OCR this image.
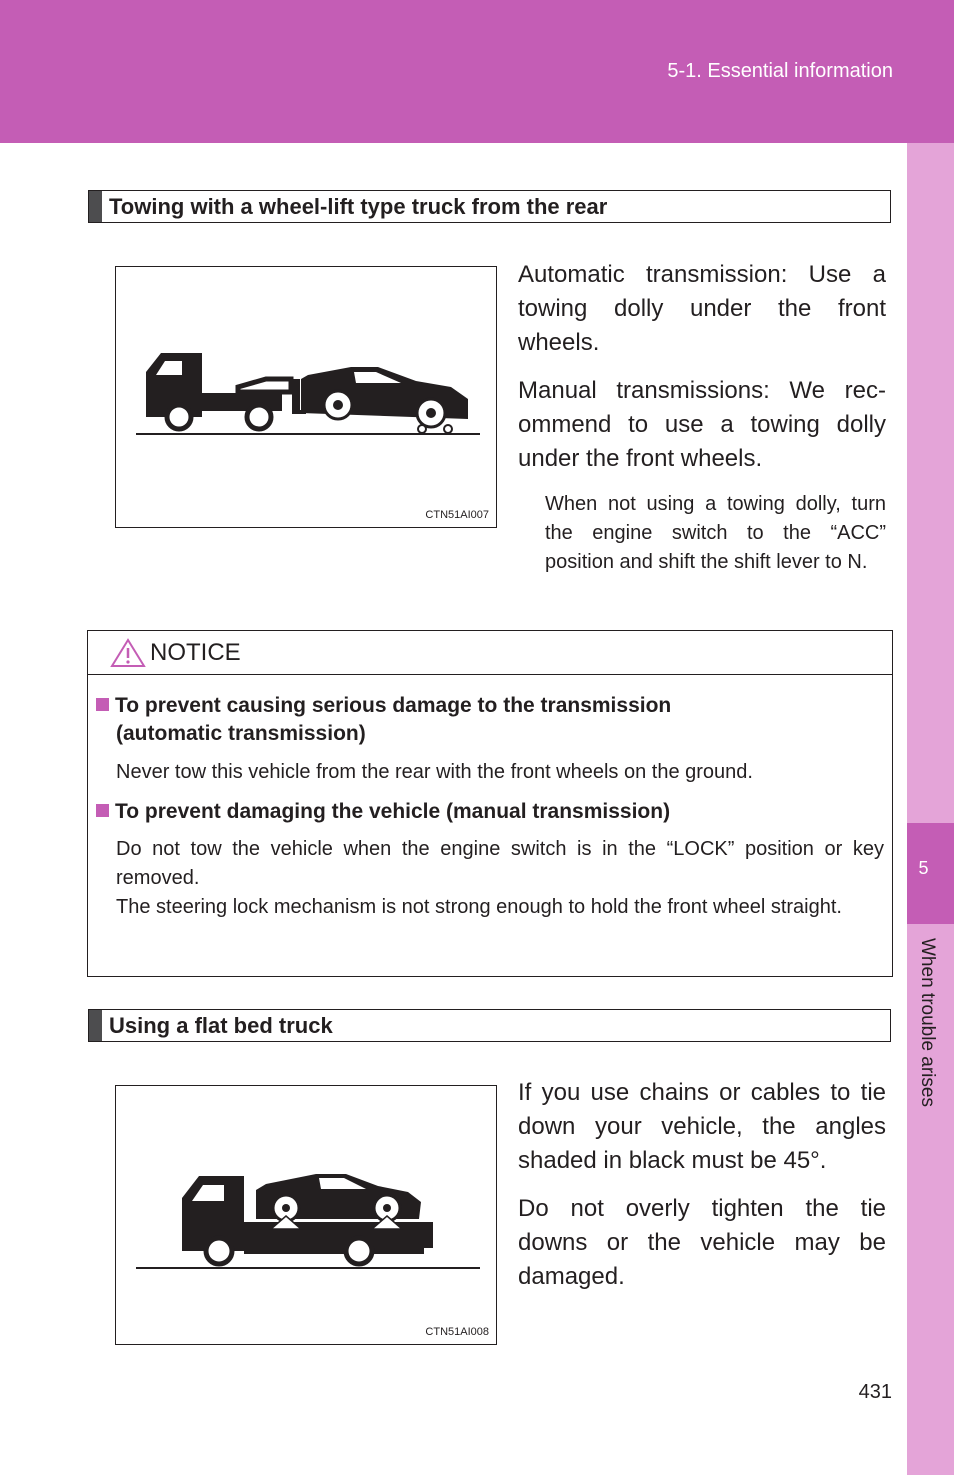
5-1. Essential information
5
When trouble arises
Towing with a wheel-lift type truck from the rear
CTN51AI007

Automatic transmission: Use a towing dolly under the front wheels.

Manual transmissions: We rec-ommend to use a towing dolly under the front wheels.

When not using a towing dolly, turn the engine switch to the “ACC” position and shift the shift lever to N.
NOTICE
To prevent causing serious damage to the transmission
(automatic transmission)
Never tow this vehicle from the rear with the front wheels on the ground.
To prevent damaging the vehicle (manual transmission)
Do not tow the vehicle when the engine switch is in the “LOCK” position or key removed.
The steering lock mechanism is not strong enough to hold the front wheel straight.
Using a flat bed truck
CTN51AI008

If you use chains or cables to tie down your vehicle, the angles shaded in black must be 45°.

Do not overly tighten the tie downs or the vehicle may be damaged.

431
